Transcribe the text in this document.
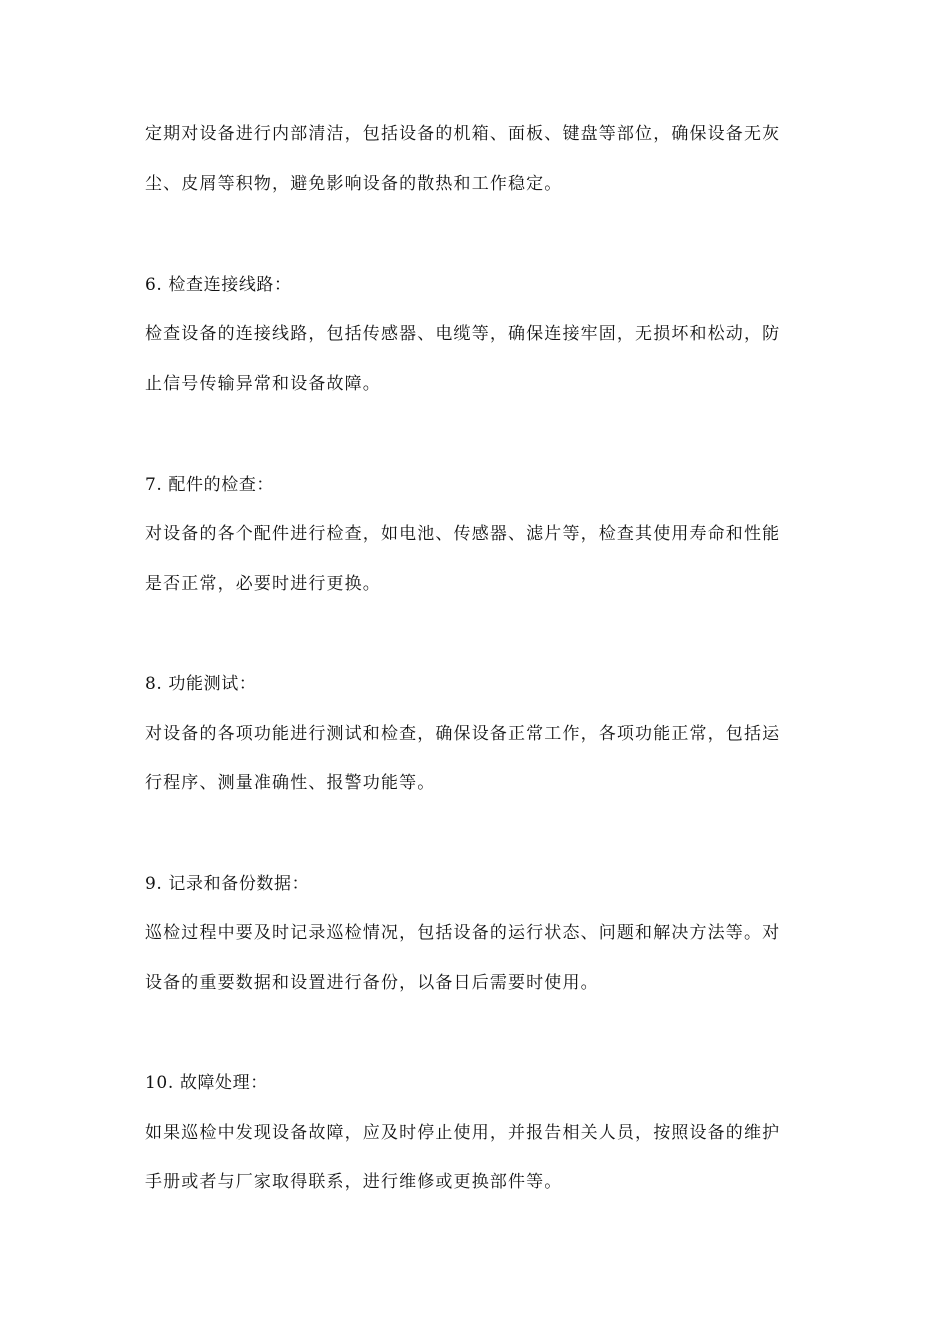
定期对设备进行内部清洁，包括设备的机箱、面板、键盘等部位，确保设备无灰
尘、皮屑等积物，避免影响设备的散热和工作稳定。
6. 检查连接线路：
检查设备的连接线路，包括传感器、电缆等，确保连接牢固，无损坏和松动，防
止信号传输异常和设备故障。
7. 配件的检查：
对设备的各个配件进行检查，如电池、传感器、滤片等，检查其使用寿命和性能
是否正常，必要时进行更换。
8. 功能测试：
对设备的各项功能进行测试和检查，确保设备正常工作，各项功能正常，包括运
行程序、测量准确性、报警功能等。
9. 记录和备份数据：
巡检过程中要及时记录巡检情况，包括设备的运行状态、问题和解决方法等。对
设备的重要数据和设置进行备份，以备日后需要时使用。
10. 故障处理：
如果巡检中发现设备故障，应及时停止使用，并报告相关人员，按照设备的维护
手册或者与厂家取得联系，进行维修或更换部件等。
